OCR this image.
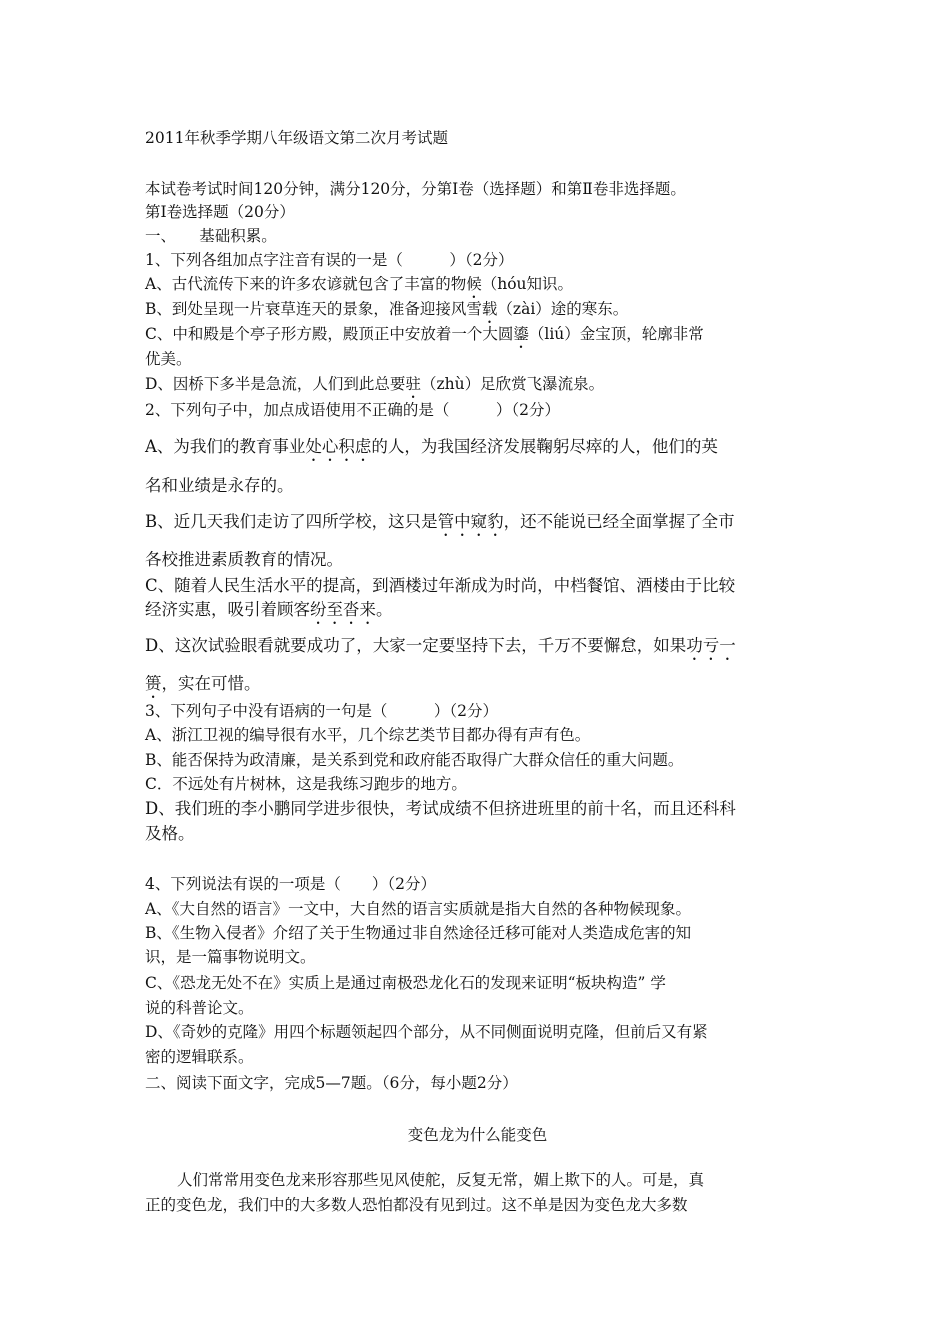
2011年秋季学期八年级语文第二次月考试题
本试卷考试时间120分钟，满分120分，分第Ⅰ卷（选择题）和第Ⅱ卷非选择题。
第Ⅰ卷选择题（20分）
一、　　基础积累。
1、下列各组加点字注音有误的一是（　　　）（2分）
A、古代流传下来的许多农谚就包含了丰富的物候（hóu知识。
B、到处呈现一片衰草连天的景象，准备迎接风雪载（zài）途的寒东。
C、中和殿是个亭子形方殿，殿顶正中安放着一个大圆鎏（liú）金宝顶，轮廓非常
优美。
D、因桥下多半是急流，人们到此总要驻（zhù）足欣赏飞瀑流泉。
2、下列句子中，加点成语使用不正确的是（　　　）（2分）
A、为我们的教育事业处心积虑的人，为我国经济发展鞠躬尽瘁的人，他们的英
名和业绩是永存的。
B、近几天我们走访了四所学校，这只是管中窥豹，还不能说已经全面掌握了全市
各校推进素质教育的情况。
C、随着人民生活水平的提高，到酒楼过年渐成为时尚，中档餐馆、酒楼由于比较
经济实惠，吸引着顾客纷至沓来。
D、这次试验眼看就要成功了，大家一定要坚持下去，千万不要懈怠，如果功亏一
篑，实在可惜。
3、下列句子中没有语病的一句是（　　　）（2分）
A、浙江卫视的编导很有水平，几个综艺类节目都办得有声有色。
B、能否保持为政清廉，是关系到党和政府能否取得广大群众信任的重大问题。
C．不远处有片树林，这是我练习跑步的地方。
D、我们班的李小鹏同学进步很快，考试成绩不但挤进班里的前十名，而且还科科
及格。
4、下列说法有误的一项是（　　）（2分）
A、《大自然的语言》一文中，大自然的语言实质就是指大自然的各种物候现象。
B、《生物入侵者》介绍了关于生物通过非自然途径迁移可能对人类造成危害的知
识，是一篇事物说明文。
C、《恐龙无处不在》实质上是通过南极恐龙化石的发现来证明“板块构造” 学
说的科普论文。
D、《奇妙的克隆》用四个标题领起四个部分，从不同侧面说明克隆，但前后又有紧
密的逻辑联系。
二、阅读下面文字，完成5—7题。（6分，每小题2分）
变色龙为什么能变色
人们常常用变色龙来形容那些见风使舵，反复无常，媚上欺下的人。可是，真
正的变色龙，我们中的大多数人恐怕都没有见到过。这不单是因为变色龙大多数
